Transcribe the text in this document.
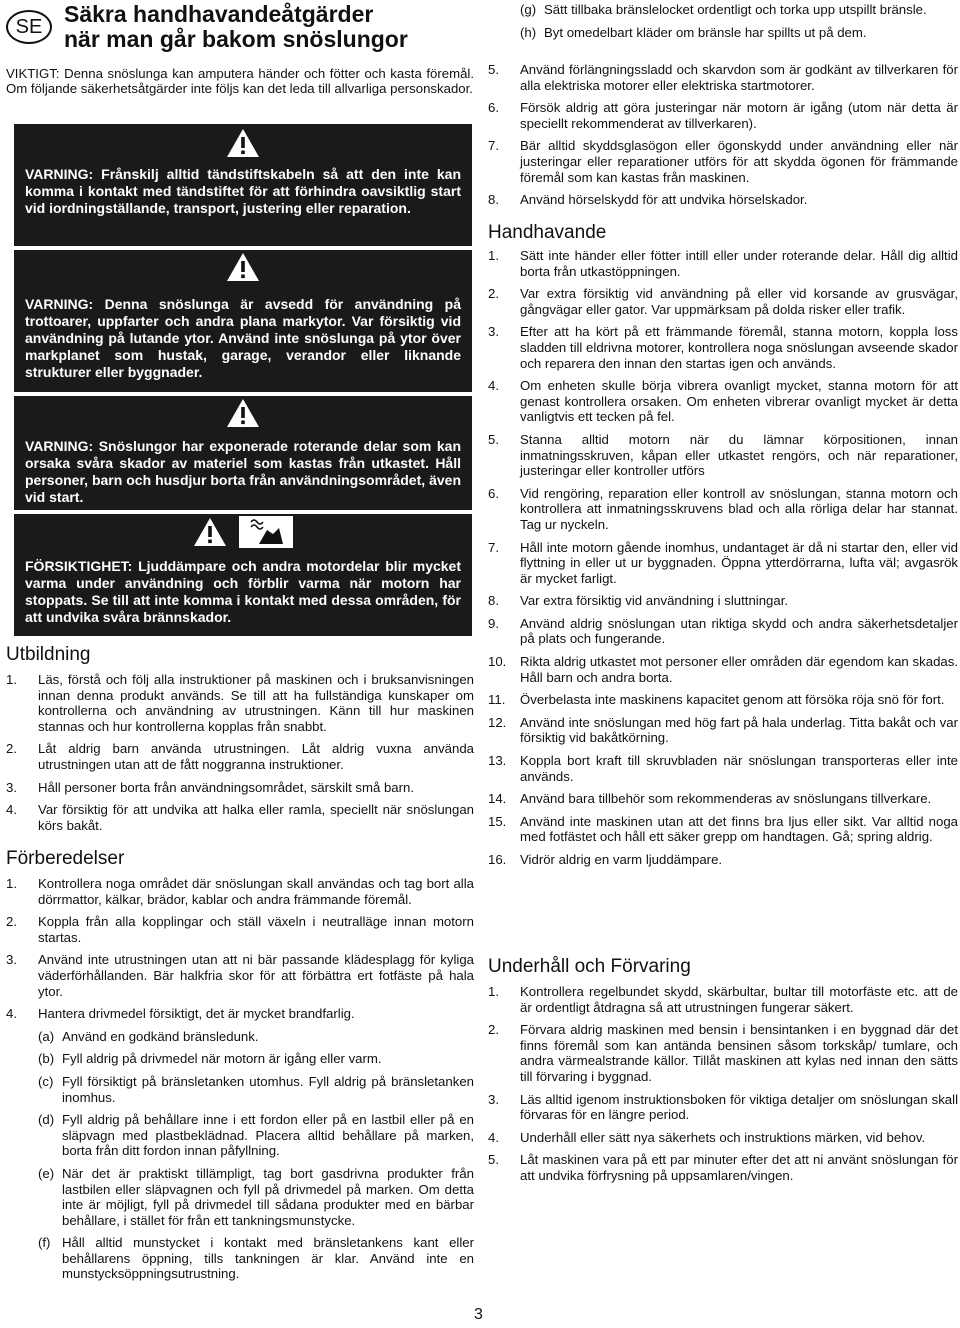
SE Säkra handhavandeåtgärder
när man går bakom snöslungor
VIKTIGT: Denna snöslunga kan amputera händer och fötter och kasta föremål. Om följande säkerhetsåtgärder inte följs kan det leda till allvarliga personskador.

VARNING: Frånskilj alltid tändstiftskabeln så att den inte kan komma i kontakt med tändstiftet för att förhindra oavsiktlig start vid iordningställande, transport, justering eller reparation.

VARNING: Denna snöslunga är avsedd för användning på trottoarer, uppfarter och andra plana markytor. Var försiktig vid användning på lutande ytor. Använd inte snöslunga på ytor över markplanet som hustak, garage, verandor eller liknande strukturer eller byggnader.

VARNING: Snöslungor har exponerade roterande delar som kan orsaka svåra skador av materiel som kastas från utkastet. Håll personer, barn och husdjur borta från användningsområdet, även vid start.

FÖRSIKTIGHET: Ljuddämpare och andra motordelar blir mycket varma under användning och förblir varma när motorn har stoppats. Se till att inte komma i kontakt med dessa områden, för att undvika svåra brännskador.

Utbildning
1. Läs, förstå och följ alla instruktioner på maskinen och i bruksanvisningen innan denna produkt används. Se till att ha fullständiga kunskaper om kontrollerna och användning av utrustningen. Känn till hur maskinen stannas och hur kontrollerna kopplas från snabbt.
2. Låt aldrig barn använda utrustningen. Låt aldrig vuxna använda utrustningen utan att de fått noggranna instruktioner.
3. Håll personer borta från användningsområdet, särskilt små barn.
4. Var försiktig för att undvika att halka eller ramla, speciellt när snöslungan körs bakåt.
Förberedelser
1. Kontrollera noga området där snöslungan skall användas och tag bort alla dörrmattor, kälkar, brädor, kablar och andra främmande föremål.
2. Koppla från alla kopplingar och ställ växeln i neutralläge innan motorn startas.
3. Använd inte utrustningen utan att ni bär passande klädesplagg för kyliga väderförhållanden. Bär halkfria skor för att förbättra ert fotfäste på hala ytor.
4. Hantera drivmedel försiktigt, det är mycket brandfarlig.
(a) Använd en godkänd bränsledunk.
(b) Fyll aldrig på drivmedel när motorn är igång eller varm.
(c) Fyll försiktigt på bränsletanken utomhus. Fyll aldrig på bränsletanken inomhus.
(d) Fyll aldrig på behållare inne i ett fordon eller på en lastbil eller på en släpvagn med plastbeklädnad. Placera alltid behållare på marken, borta från ditt fordon innan påfyllning.
(e) När det är praktiskt tillämpligt, tag bort gasdrivna produkter från lastbilen eller släpvagnen och fyll på drivmedel på marken. Om detta inte är möjligt, fyll på drivmedel till sådana produkter med en bärbar behållare, i stället för från ett tankningsmunstycke.
(f) Håll alltid munstycket i kontakt med bränsletankens kant eller behållarens öppning, tills tankningen är klar. Använd inte en munstycksöppningsutrustning.
(g) Sätt tillbaka bränslelocket ordentligt och torka upp utspillt bränsle.
(h) Byt omedelbart kläder om bränsle har spillts ut på dem.
5. Använd förlängningssladd och skarvdon som är godkänt av tillverkaren för alla elektriska motorer eller elektriska startmotorer.
6. Försök aldrig att göra justeringar när motorn är igång (utom när detta är speciellt rekommenderat av tillverkaren).
7. Bär alltid skyddsglasögon eller ögonskydd under användning eller när justeringar eller reparationer utförs för att skydda ögonen för främmande föremål som kan kastas från maskinen.
8. Använd hörselskydd för att undvika hörselskador.
Handhavande
1. Sätt inte händer eller fötter intill eller under roterande delar. Håll dig alltid borta från utkastöppningen.
2. Var extra försiktig vid användning på eller vid korsande av grusvägar, gångvägar eller gator. Var uppmärksam på dolda risker eller trafik.
3. Efter att ha kört på ett främmande föremål, stanna motorn, koppla loss sladden till eldrivna motorer, kontrollera noga snöslungan avseende skador och reparera den innan den startas igen och används.
4. Om enheten skulle börja vibrera ovanligt mycket, stanna motorn för att genast kontrollera orsaken. Om enheten vibrerar ovanligt mycket är detta vanligtvis ett tecken på fel.
5. Stanna alltid motorn när du lämnar körpositionen, innan inmatningsskruven, kåpan eller utkastet rengörs, och när reparationer, justeringar eller kontroller utförs
6. Vid rengöring, reparation eller kontroll av snöslungan, stanna motorn och kontrollera att inmatningsskruvens blad och alla rörliga delar har stannat. Tag ur nyckeln.
7. Håll inte motorn gående inomhus, undantaget är då ni startar den, eller vid flyttning in eller ut ur byggnaden. Öppna ytterdörrarna, lufta väl; avgasrök är mycket farligt.
8. Var extra försiktig vid användning i sluttningar.
9. Använd aldrig snöslungan utan riktiga skydd och andra säkerhetsdetaljer på plats och fungerande.
10. Rikta aldrig utkastet mot personer eller områden där egendom kan skadas. Håll barn och andra borta.
11. Överbelasta inte maskinens kapacitet genom att försöka röja snö för fort.
12. Använd inte snöslungan med hög fart på hala underlag. Titta bakåt och var försiktig vid bakåtkörning.
13. Koppla bort kraft till skruvbladen när snöslungan transporteras eller inte används.
14. Använd bara tillbehör som rekommenderas av snöslungans tillverkare.
15. Använd inte maskinen utan att det finns bra ljus eller sikt. Var alltid noga med fotfästet och håll ett säker grepp om handtagen. Gå; spring aldrig.
16. Vidrör aldrig en varm ljuddämpare.
Underhåll och Förvaring
1. Kontrollera regelbundet skydd, skärbultar, bultar till motorfäste etc. att de är ordentligt åtdragna så att utrustningen fungerar säkert.
2. Förvara aldrig maskinen med bensin i bensintanken i en byggnad där det finns föremål som kan antända bensinen såsom torkskåp/ tumlare, och andra värmealstrande källor. Tillåt maskinen att kylas ned innan den sätts till förvaring i byggnad.
3. Läs alltid igenom instruktionsboken för viktiga detaljer om snöslungan skall förvaras för en längre period.
4. Underhåll eller sätt nya säkerhets och instruktions märken, vid behov.
5. Låt maskinen vara på ett par minuter efter det att ni använt snöslungan för att undvika förfrysning på uppsamlaren/vingen.
3
